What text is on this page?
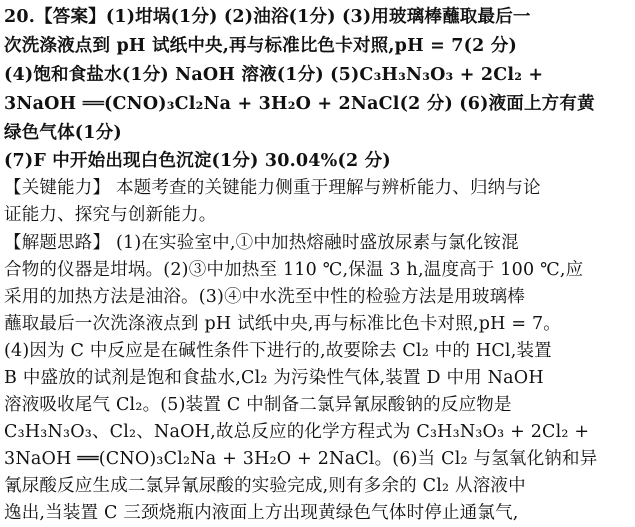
20.【答案】(1)坩埚(1分) (2)油浴(1分) (3)用玻璃棒蘸取最后一
次洗涤液点到 pH 试纸中央,再与标准比色卡对照,pH = 7(2 分)
(4)饱和食盐水(1分) NaOH 溶液(1分) (5)C₃H₃N₃O₃ + 2Cl₂ +
3NaOH ══(CNO)₃Cl₂Na + 3H₂O + 2NaCl(2 分) (6)液面上方有黄
绿色气体(1分)
(7)F 中开始出现白色沉淀(1分) 30.04%(2 分)
【关键能力】 本题考查的关键能力侧重于理解与辨析能力、归纳与论
证能力、探究与创新能力。
【解题思路】 (1)在实验室中,①中加热熔融时盛放尿素与氯化铵混
合物的仪器是坩埚。(2)③中加热至 110 ℃,保温 3 h,温度高于 100 ℃,应
采用的加热方法是油浴。(3)④中水洗至中性的检验方法是用玻璃棒
蘸取最后一次洗涤液点到 pH 试纸中央,再与标准比色卡对照,pH = 7。
(4)因为 C 中反应是在碱性条件下进行的,故要除去 Cl₂ 中的 HCl,装置
B 中盛放的试剂是饱和食盐水,Cl₂ 为污染性气体,装置 D 中用 NaOH
溶液吸收尾气 Cl₂。(5)装置 C 中制备二氯异氰尿酸钠的反应物是
C₃H₃N₃O₃、Cl₂、NaOH,故总反应的化学方程式为 C₃H₃N₃O₃ + 2Cl₂ +
3NaOH ══(CNO)₃Cl₂Na + 3H₂O + 2NaCl。(6)当 Cl₂ 与氢氧化钠和异
氰尿酸反应生成二氯异氰尿酸的实验完成,则有多余的 Cl₂ 从溶液中
逸出,当装置 C 三颈烧瓶内液面上方出现黄绿色气体时停止通氯气,
